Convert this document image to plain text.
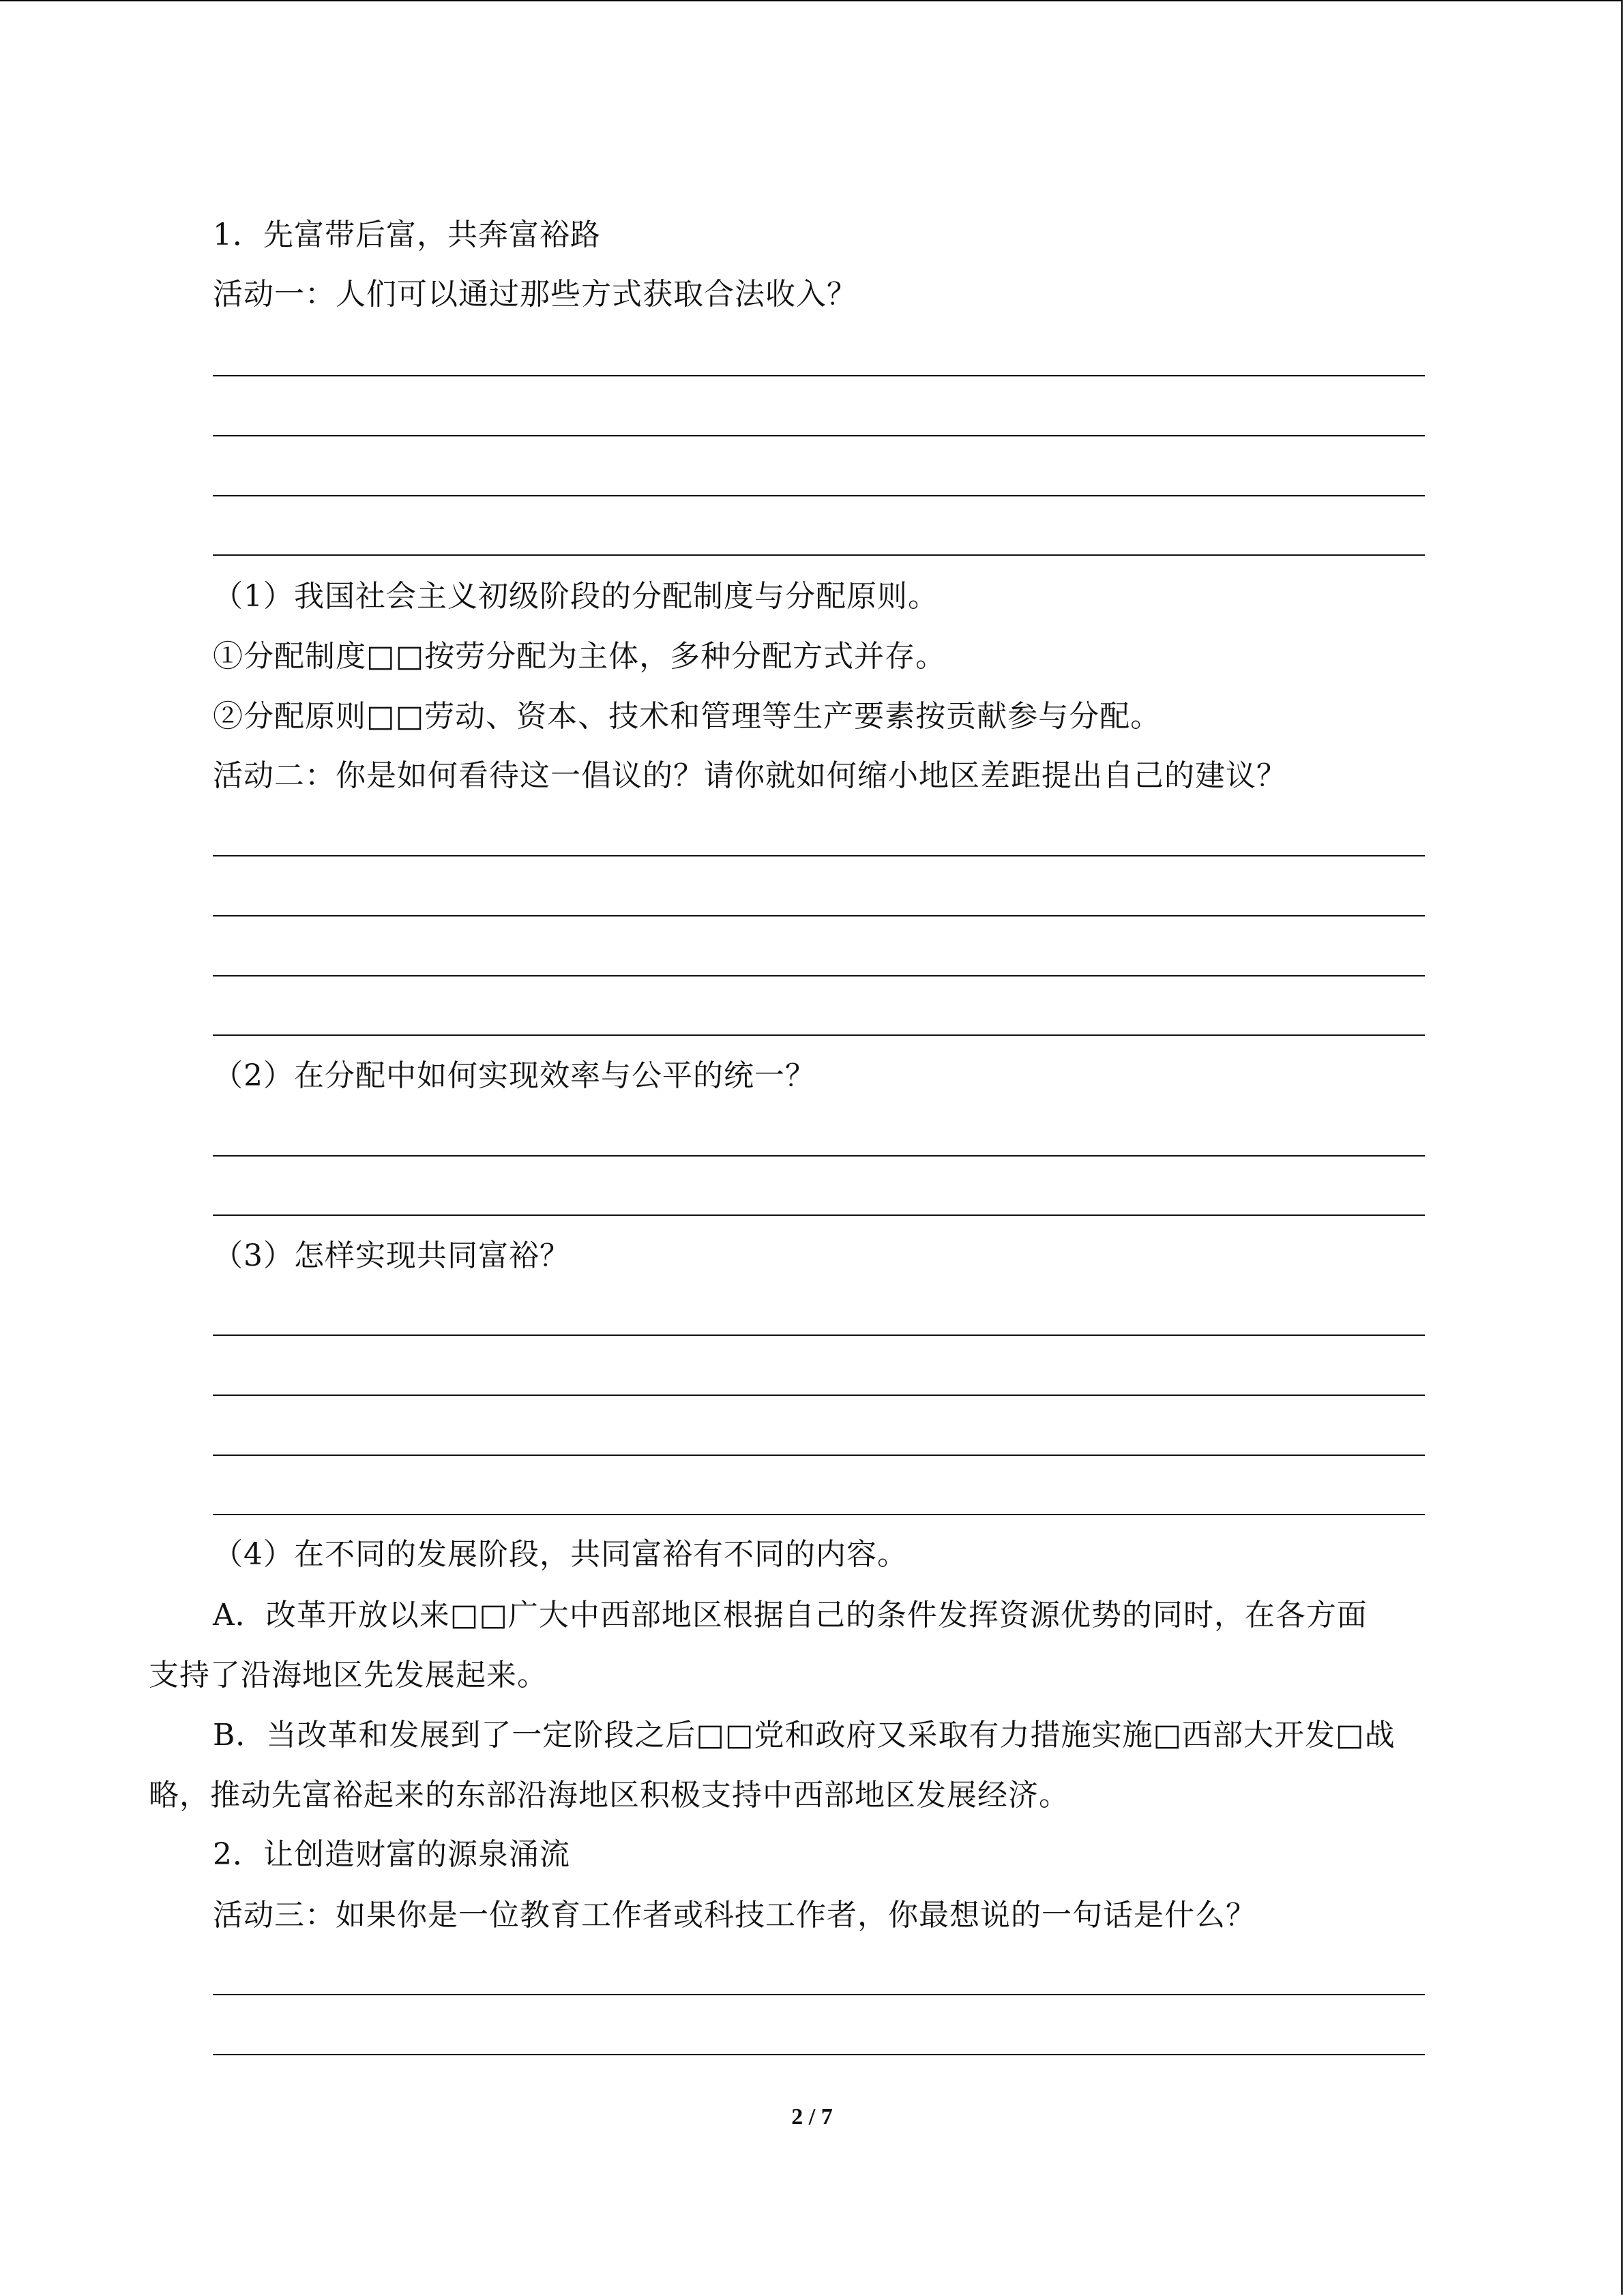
1．先富带后富，共奔富裕路
活动一：人们可以通过那些方式获取合法收入？
（1）我国社会主义初级阶段的分配制度与分配原则。
①分配制度□□按劳分配为主体，多种分配方式并存。
②分配原则□□劳动、资本、技术和管理等生产要素按贡献参与分配。
活动二：你是如何看待这一倡议的？请你就如何缩小地区差距提出自己的建议？
（2）在分配中如何实现效率与公平的统一？
（3）怎样实现共同富裕？
（4）在不同的发展阶段，共同富裕有不同的内容。
A．改革开放以来□□广大中西部地区根据自己的条件发挥资源优势的同时，在各方面
支持了沿海地区先发展起来。
B．当改革和发展到了一定阶段之后□□党和政府又采取有力措施实施□西部大开发□战
略，推动先富裕起来的东部沿海地区积极支持中西部地区发展经济。
2．让创造财富的源泉涌流
活动三：如果你是一位教育工作者或科技工作者，你最想说的一句话是什么？
2 / 7
